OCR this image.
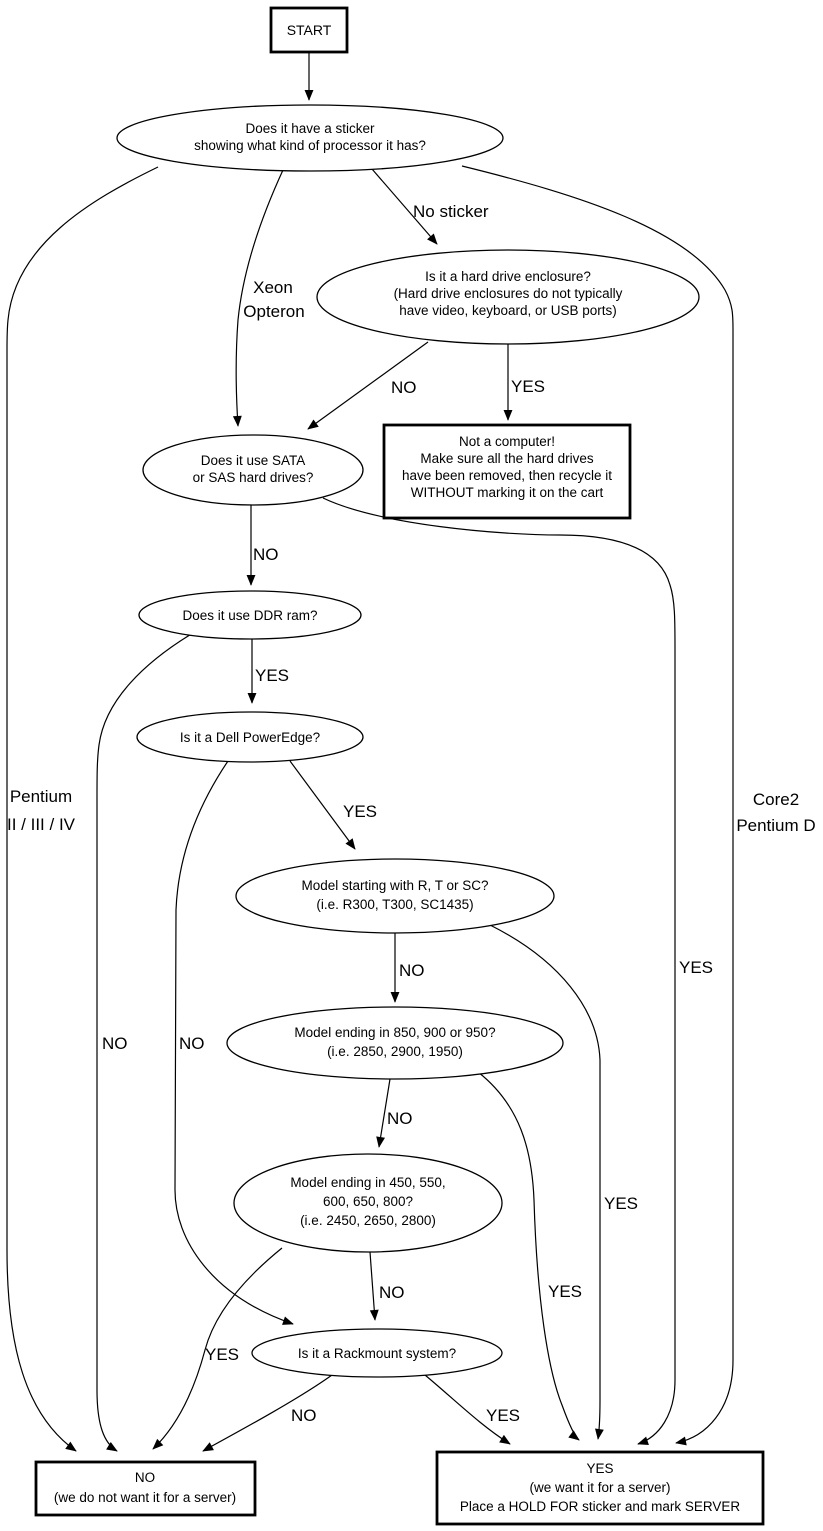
No sticker
Xeon
Opteron
Pentium
II / III / IV
Core2
Pentium D
NO	YES
NO
YES
YES
NO
YES
NO
NO
YES
NO
YES
NO
YES
NO	YES
START
Does it have a sticker
showing what kind of processor it has?
Is it a hard drive enclosure?
(Hard drive enclosures do not typically
have video, keyboard, or USB ports)
Not a computer!
Make sure all the hard drives
have been removed, then recycle it
WITHOUT marking it on the cart
Does it use SATA
or SAS hard drives?
Does it use DDR ram?
Is it a Dell PowerEdge?
Model starting with R, T or SC?
(i.e. R300, T300, SC1435)
Model ending in 850, 900 or 950?
(i.e. 2850, 2900, 1950)
Model ending in 450, 550,
600, 650, 800?
(i.e. 2450, 2650, 2800)
Is it a Rackmount system?
NO
(we do not want it for a server)
YES
(we want it for a server)
Place a HOLD FOR sticker and mark SERVER
